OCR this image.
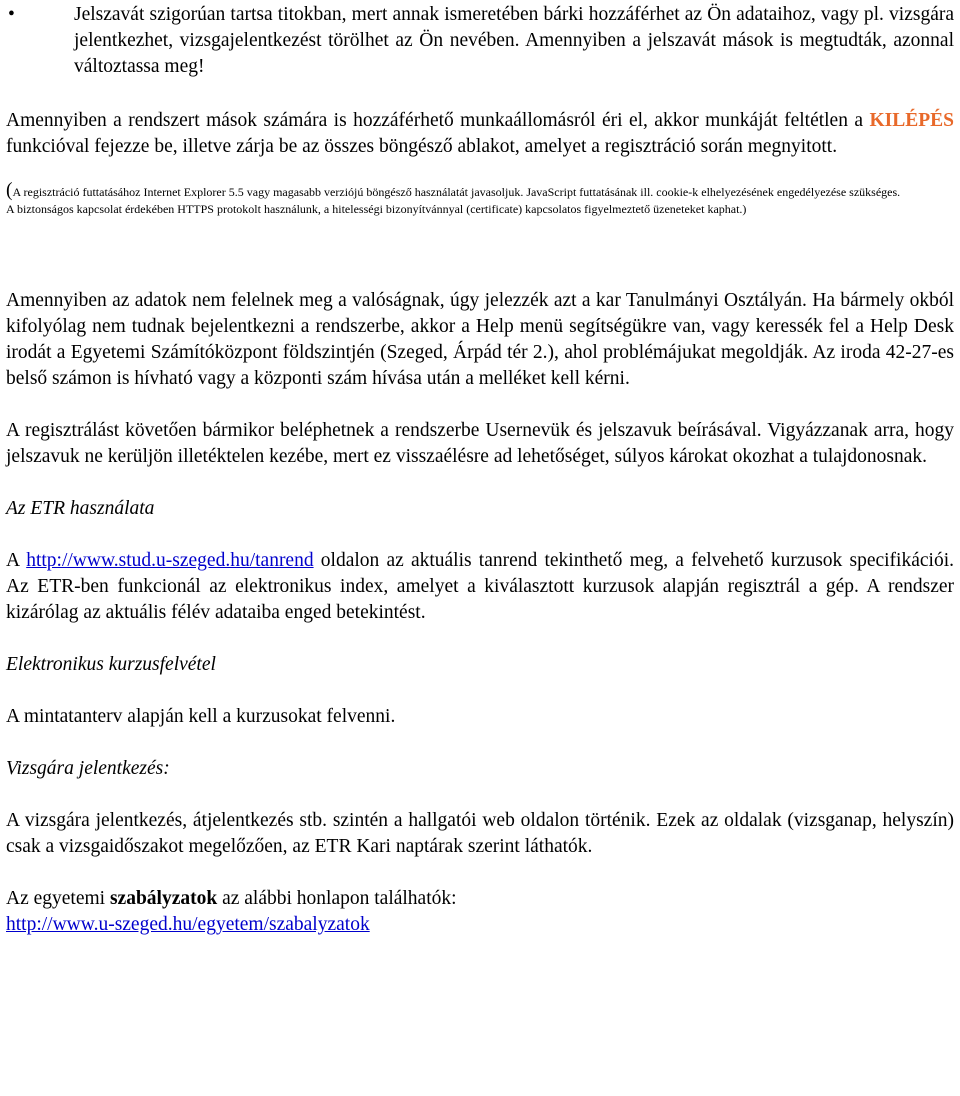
•	Jelszavát szigorúan tartsa titokban, mert annak ismeretében bárki hozzáférhet az Ön adataihoz, vagy pl. vizsgára jelentkezhet, vizsgajelentkezést törölhet az Ön nevében. Amennyiben a jelszavát mások is megtudták, azonnal változtassa meg!

Amennyiben a rendszert mások számára is hozzáférhető munkaállomásról éri el, akkor munkáját feltétlen a KILÉPÉS funkcióval fejezze be, illetve zárja be az összes böngésző ablakot, amelyet a regisztráció során megnyitott.

(A regisztráció futtatásához Internet Explorer 5.5 vagy magasabb verziójú böngésző használatát javasoljuk. JavaScript futtatásának ill. cookie-k elhelyezésének engedélyezése szükséges.

A biztonságos kapcsolat érdekében HTTPS protokolt használunk, a hitelességi bizonyítvánnyal (certificate) kapcsolatos figyelmeztető üzeneteket kaphat.)

Amennyiben az adatok nem felelnek meg a valóságnak, úgy jelezzék azt a kar Tanulmányi Osztályán. Ha bármely okból kifolyólag nem tudnak bejelentkezni a rendszerbe, akkor a Help menü segítségükre van, vagy keressék fel a Help Desk irodát a Egyetemi Számítóközpont földszintjén (Szeged, Árpád tér 2.), ahol problémájukat megoldják. Az iroda 42-27-es belső számon is hívható vagy a központi szám hívása után a melléket kell kérni.

A regisztrálást követően bármikor beléphetnek a rendszerbe Usernevük és jelszavuk beírásával. Vigyázzanak arra, hogy jelszavuk ne kerüljön illetéktelen kezébe, mert ez visszaélésre ad lehetőséget, súlyos károkat okozhat a tulajdonosnak.

Az ETR használata

A http://www.stud.u-szeged.hu/tanrend oldalon az aktuális tanrend tekinthető meg, a felvehető kurzusok specifikációi. Az ETR-ben funkcionál az elektronikus index, amelyet a kiválasztott kurzusok alapján regisztrál a gép. A rendszer kizárólag az aktuális félév adataiba enged betekintést.

Elektronikus kurzusfelvétel

A mintatanterv alapján kell a kurzusokat felvenni.

Vizsgára jelentkezés:

A vizsgára jelentkezés, átjelentkezés stb. szintén a hallgatói web oldalon történik. Ezek az oldalak (vizsganap, helyszín) csak a vizsgaidőszakot megelőzően, az ETR Kari naptárak szerint láthatók.

Az egyetemi szabályzatok az alábbi honlapon találhatók:

http://www.u-szeged.hu/egyetem/szabalyzatok
